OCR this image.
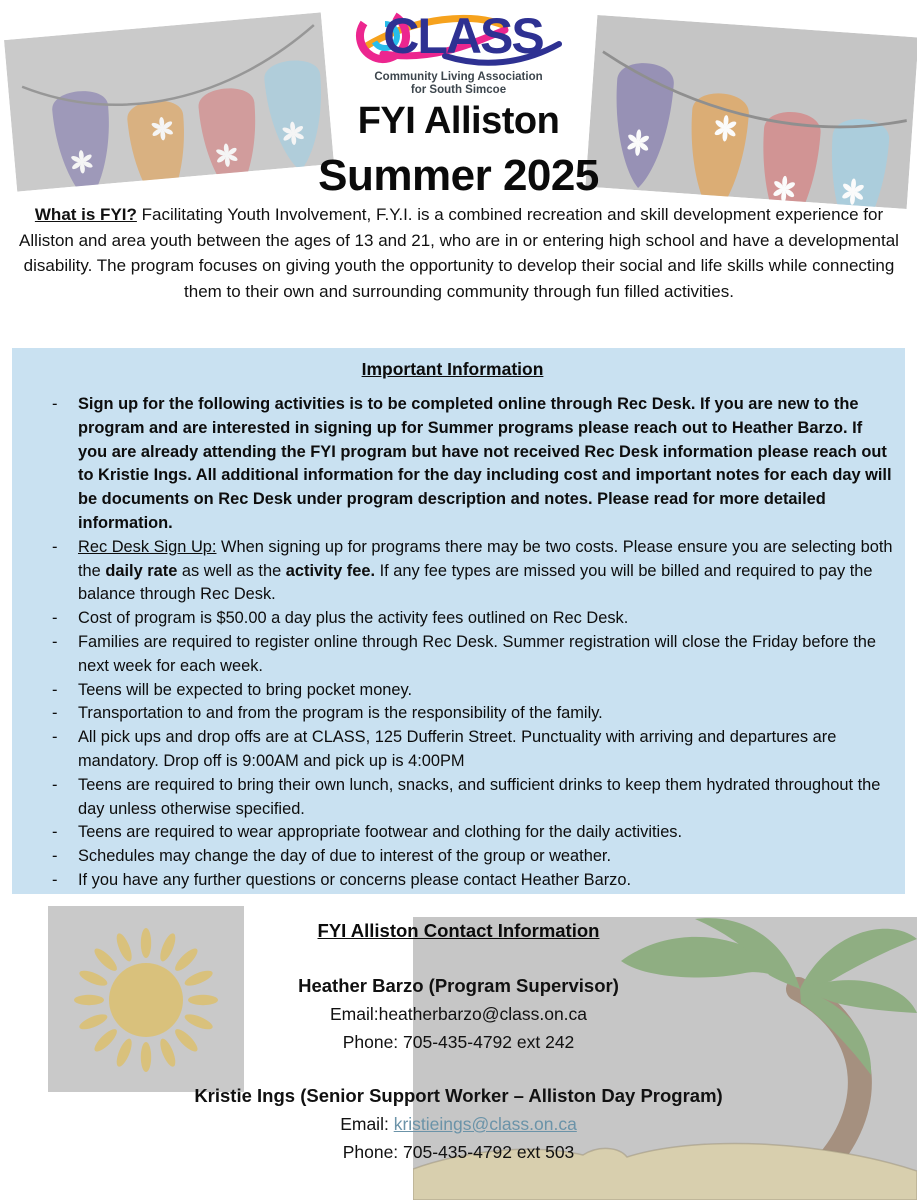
CLASS
Community Living Association
for South Simcoe
FYI Alliston
Summer 2025

What is FYI? Facilitating Youth Involvement, F.Y.I. is a combined recreation and skill development experience for Alliston and area youth between the ages of 13 and 21, who are in or entering high school and have a developmental disability. The program focuses on giving youth the opportunity to develop their social and life skills while connecting them to their own and surrounding community through fun filled activities.

Important Information
- Sign up for the following activities is to be completed online through Rec Desk. If you are new to the program and are interested in signing up for Summer programs please reach out to Heather Barzo. If you are already attending the FYI program but have not received Rec Desk information please reach out to Kristie Ings. All additional information for the day including cost and important notes for each day will be documents on Rec Desk under program description and notes. Please read for more detailed information.
- Rec Desk Sign Up: When signing up for programs there may be two costs. Please ensure you are selecting both the daily rate as well as the activity fee. If any fee types are missed you will be billed and required to pay the balance through Rec Desk.
- Cost of program is $50.00 a day plus the activity fees outlined on Rec Desk.
- Families are required to register online through Rec Desk. Summer registration will close the Friday before the next week for each week.
- Teens will be expected to bring pocket money.
- Transportation to and from the program is the responsibility of the family.
- All pick ups and drop offs are at CLASS, 125 Dufferin Street. Punctuality with arriving and departures are mandatory. Drop off is 9:00AM and pick up is 4:00PM
- Teens are required to bring their own lunch, snacks, and sufficient drinks to keep them hydrated throughout the day unless otherwise specified.
- Teens are required to wear appropriate footwear and clothing for the daily activities.
- Schedules may change the day of due to interest of the group or weather.
- If you have any further questions or concerns please contact Heather Barzo.
FYI Alliston Contact Information
Heather Barzo (Program Supervisor)
Email:heatherbarzo@class.on.ca
Phone: 705-435-4792 ext 242
Kristie Ings (Senior Support Worker – Alliston Day Program)
Email: kristieings@class.on.ca
Phone: 705-435-4792 ext 503
